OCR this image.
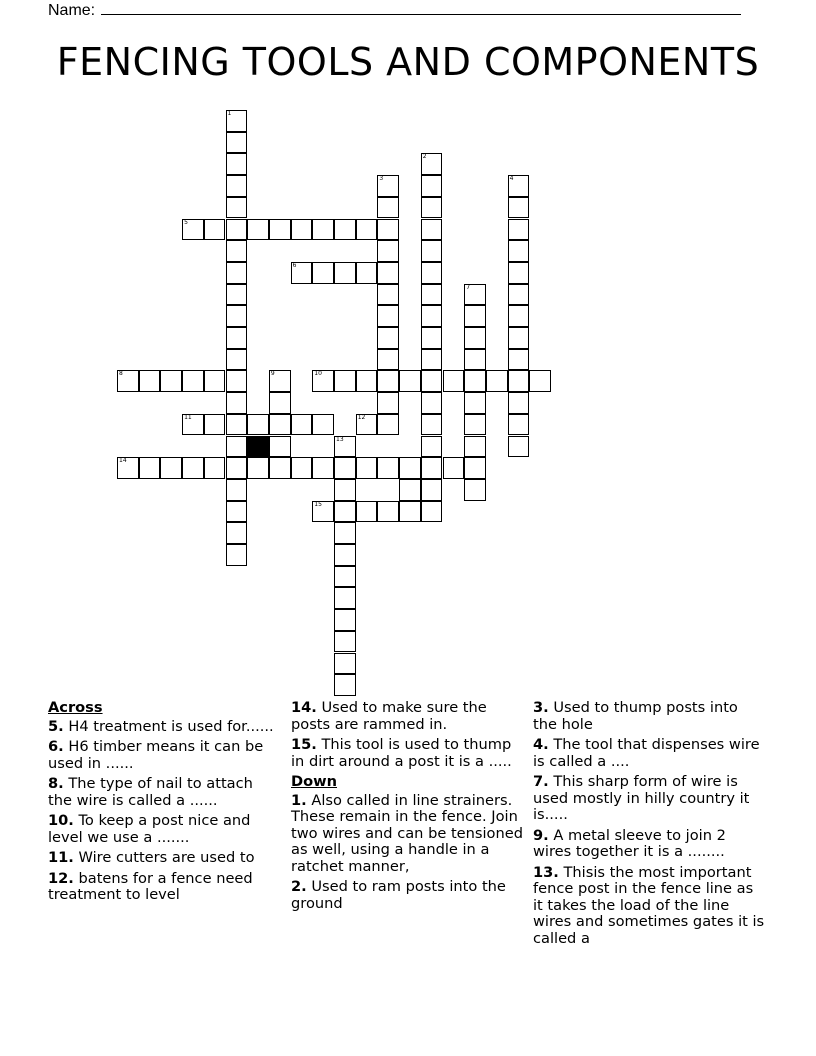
Name:
FENCING TOOLS AND COMPONENTS
1
2
3	4
7
9
13
5
6
8	10
11	12
14
15
Across
5. H4 treatment is used for......
6. H6 timber means it can be used in ......
8. The type of nail to attach the wire is called a ......
10. To keep a post nice and level we use a .......
11. Wire cutters are used to
12. batens for a fence need treatment to level
14. Used to make sure the posts are rammed in.
15. This tool is used to thump in dirt around a post it is a .....
Down
1. Also called in line strainers. These remain in the fence. Join two wires and can be tensioned as well, using a handle in a ratchet manner,
2. Used to ram posts into the ground
3. Used to thump posts into the hole
4. The tool that dispenses wire is called a ....
7. This sharp form of wire is used mostly in hilly country it is.....
9. A metal sleeve to join 2 wires together it is a ........
13. Thisis the most important fence post in the fence line as it takes the load of the line wires and sometimes gates it is called a
